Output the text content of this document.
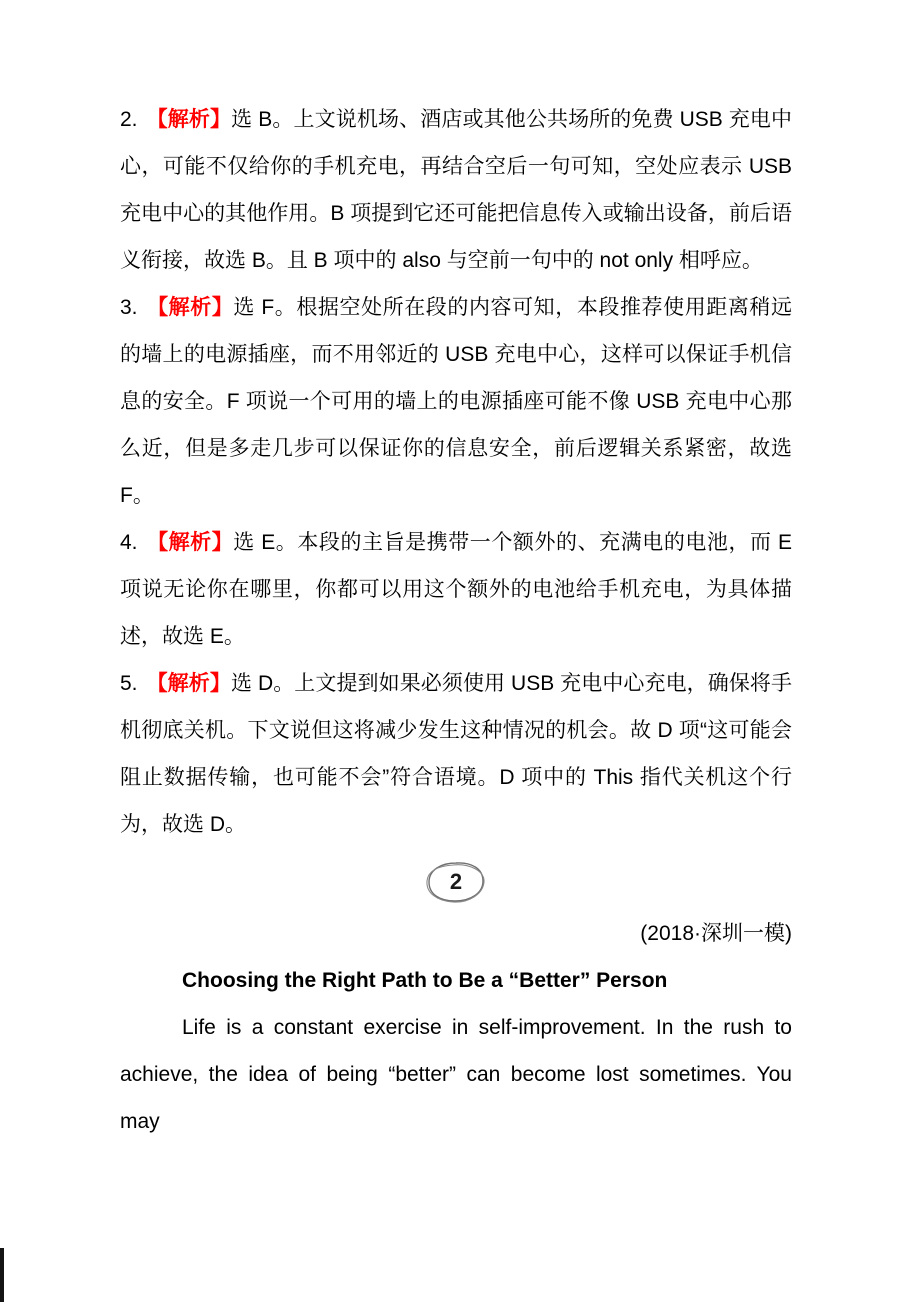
2. 【解析】选 B。上文说机场、酒店或其他公共场所的免费 USB 充电中心，可能不仅给你的手机充电，再结合空后一句可知，空处应表示 USB 充电中心的其他作用。B 项提到它还可能把信息传入或输出设备，前后语义衔接，故选 B。且 B 项中的 also 与空前一句中的 not only 相呼应。
3. 【解析】选 F。根据空处所在段的内容可知，本段推荐使用距离稍远的墙上的电源插座，而不用邻近的 USB 充电中心，这样可以保证手机信息的安全。F 项说一个可用的墙上的电源插座可能不像 USB 充电中心那么近，但是多走几步可以保证你的信息安全，前后逻辑关系紧密，故选 F。
4. 【解析】选 E。本段的主旨是携带一个额外的、充满电的电池，而 E 项说无论你在哪里，你都可以用这个额外的电池给手机充电，为具体描述，故选 E。
5. 【解析】选 D。上文提到如果必须使用 USB 充电中心充电，确保将手机彻底关机。下文说但这将减少发生这种情况的机会。故 D 项“这可能会阻止数据传输，也可能不会”符合语境。D 项中的 This 指代关机这个行为，故选 D。
2
(2018·深圳一模)
Choosing the Right Path to Be a “Better” Person
Life is a constant exercise in self-improvement. In the rush to achieve, the idea of being “better” can become lost sometimes. You may
